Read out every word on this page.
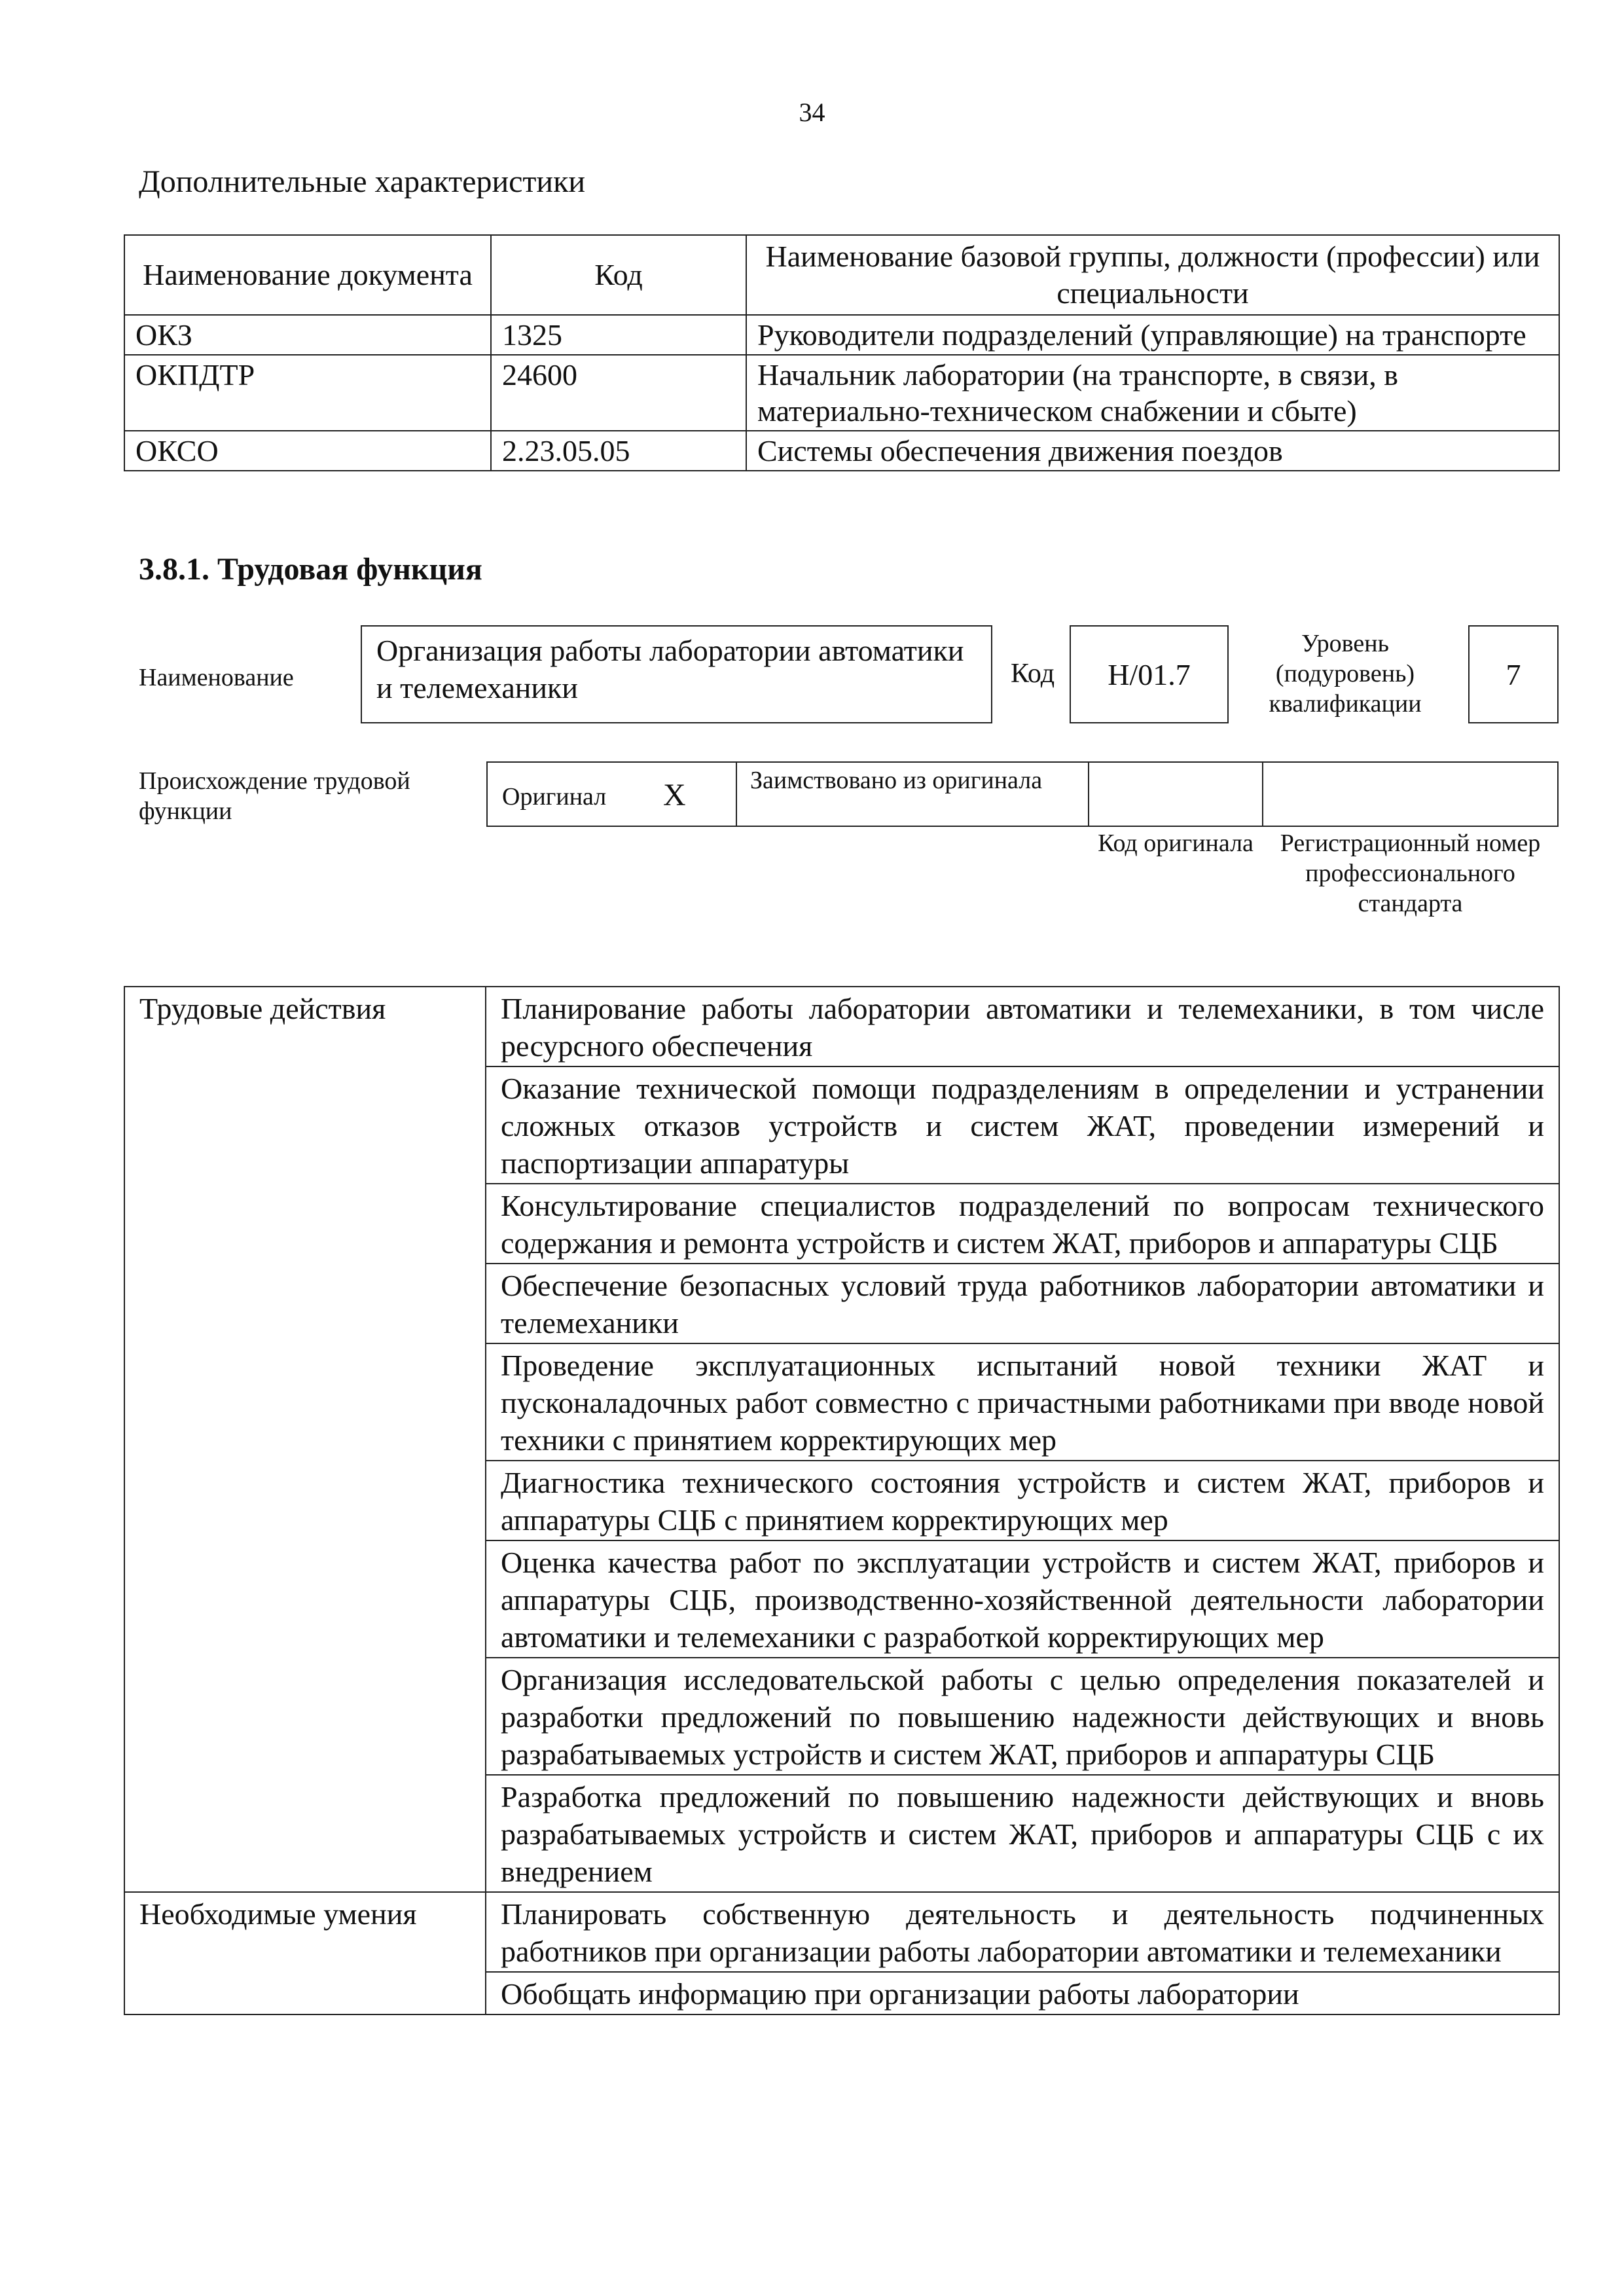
34
Дополнительные характеристики
Наименование документа	Код	Наименование базовой группы, должности (профессии) или специальности
ОКЗ	1325	Руководители подразделений (управляющие) на транспорте
ОКПДТР	24600	Начальник лаборатории (на транспорте, в связи, в материально-техническом снабжении и сбыте)
ОКСО	2.23.05.05	Системы обеспечения движения поездов
3.8.1. Трудовая функция
Наименование
Организация работы лаборатории автоматики и телемеханики	Код	H/01.7
Уровень (подуровень) квалификации
7
Происхождение трудовой функции
Оригинал X	Заимствовано из оригинала
Код оригинала	Регистрационный номер профессионального стандарта
Трудовые действия	Планирование работы лаборатории автоматики и телемеханики, в том числе ресурсного обеспечения
	Оказание технической помощи подразделениям в определении и устранении сложных отказов устройств и систем ЖАТ, проведении измерений и паспортизации аппаратуры
	Консультирование специалистов подразделений по вопросам технического содержания и ремонта устройств и систем ЖАТ, приборов и аппаратуры СЦБ
	Обеспечение безопасных условий труда работников лаборатории автоматики и телемеханики
	Проведение эксплуатационных испытаний новой техники ЖАТ и пусконаладочных работ совместно с причастными работниками при вводе новой техники с принятием корректирующих мер
	Диагностика технического состояния устройств и систем ЖАТ, приборов и аппаратуры СЦБ с принятием корректирующих мер
	Оценка качества работ по эксплуатации устройств и систем ЖАТ, приборов и аппаратуры СЦБ, производственно-хозяйственной деятельности лаборатории автоматики и телемеханики с разработкой корректирующих мер
	Организация исследовательской работы с целью определения показателей и разработки предложений по повышению надежности действующих и вновь разрабатываемых устройств и систем ЖАТ, приборов и аппаратуры СЦБ
	Разработка предложений по повышению надежности действующих и вновь разрабатываемых устройств и систем ЖАТ, приборов и аппаратуры СЦБ с их внедрением
Необходимые умения	Планировать собственную деятельность и деятельность подчиненных работников при организации работы лаборатории автоматики и телемеханики
	Обобщать информацию при организации работы лаборатории
